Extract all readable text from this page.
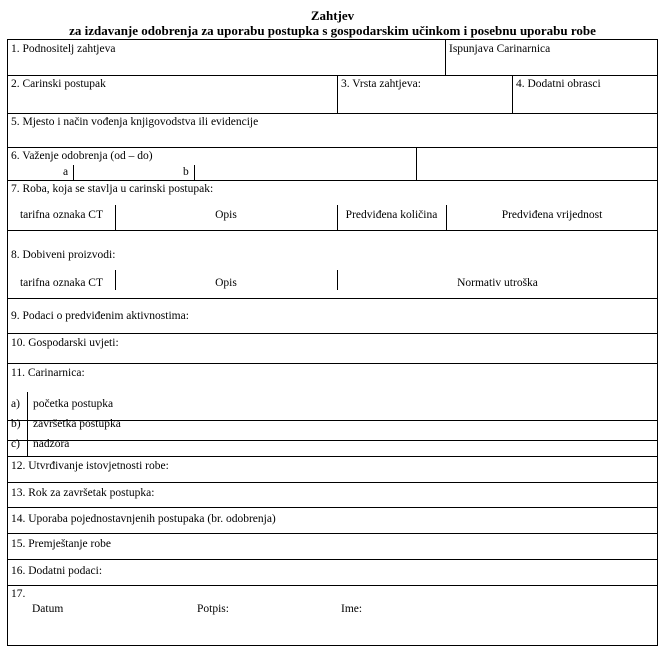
Zahtjev
za izdavanje odobrenja za uporabu postupka s gospodarskim učinkom i posebnu uporabu robe
1. Podnositelj zahtjeva	Ispunjava Carinarnica
2. Carinski postupak	3. Vrsta zahtjeva:	4. Dodatni obrasci
5. Mjesto i način vođenja knjigovodstva ili evidencije
6. Važenje odobrenja (od – do)
a	b
7. Roba, koja se stavlja u carinski postupak:
tarifna oznaka CT	Opis	Predviđena količina	Predviđena vrijednost
8. Dobiveni proizvodi:
tarifna oznaka CT	Opis	Normativ utroška
9. Podaci o predviđenim aktivnostima:
10. Gospodarski uvjeti:
11. Carinarnica:
a) početka postupka
b) završetka postupka
c) nadzora
12. Utvrđivanje istovjetnosti robe:
13. Rok za završetak postupka:
14. Uporaba pojednostavnjenih postupaka (br. odobrenja)
15. Premještanje robe
16. Dodatni podaci:
17.
Datum	Potpis:	Ime:
